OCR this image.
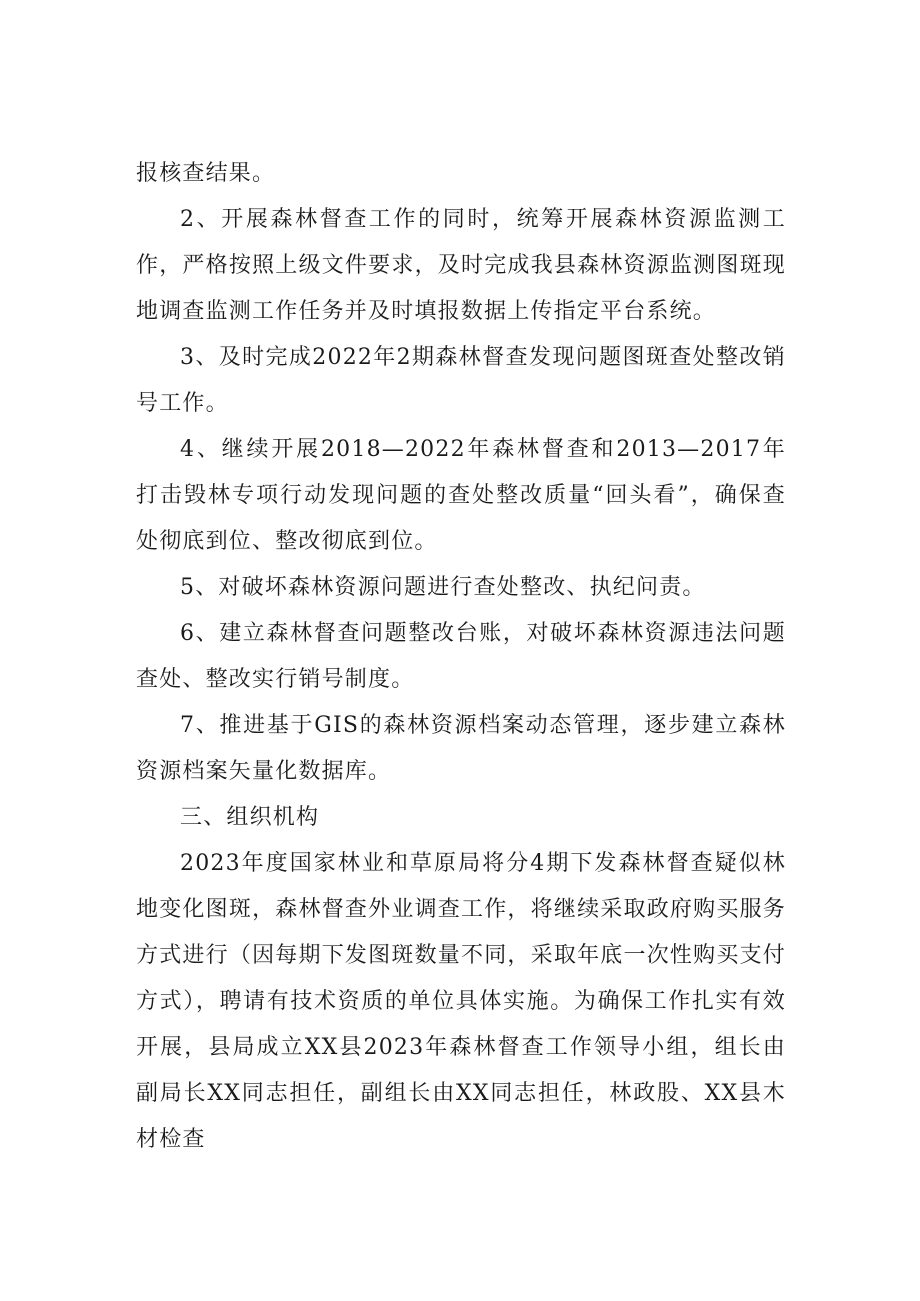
报核查结果。

2、开展森林督查工作的同时，统筹开展森林资源监测工作，严格按照上级文件要求，及时完成我县森林资源监测图斑现地调查监测工作任务并及时填报数据上传指定平台系统。

3、及时完成2022年2期森林督查发现问题图斑查处整改销号工作。

4、继续开展2018—2022年森林督查和2013—2017年打击毁林专项行动发现问题的查处整改质量“回头看”，确保查处彻底到位、整改彻底到位。

5、对破坏森林资源问题进行查处整改、执纪问责。

6、建立森林督查问题整改台账，对破坏森林资源违法问题查处、整改实行销号制度。

7、推进基于GIS的森林资源档案动态管理，逐步建立森林资源档案矢量化数据库。

三、组织机构

2023年度国家林业和草原局将分4期下发森林督查疑似林地变化图斑，森林督查外业调查工作，将继续采取政府购买服务方式进行（因每期下发图斑数量不同，采取年底一次性购买支付方式），聘请有技术资质的单位具体实施。为确保工作扎实有效开展，县局成立XX县2023年森林督查工作领导小组，组长由副局长XX同志担任，副组长由XX同志担任，林政股、XX县木材检查
